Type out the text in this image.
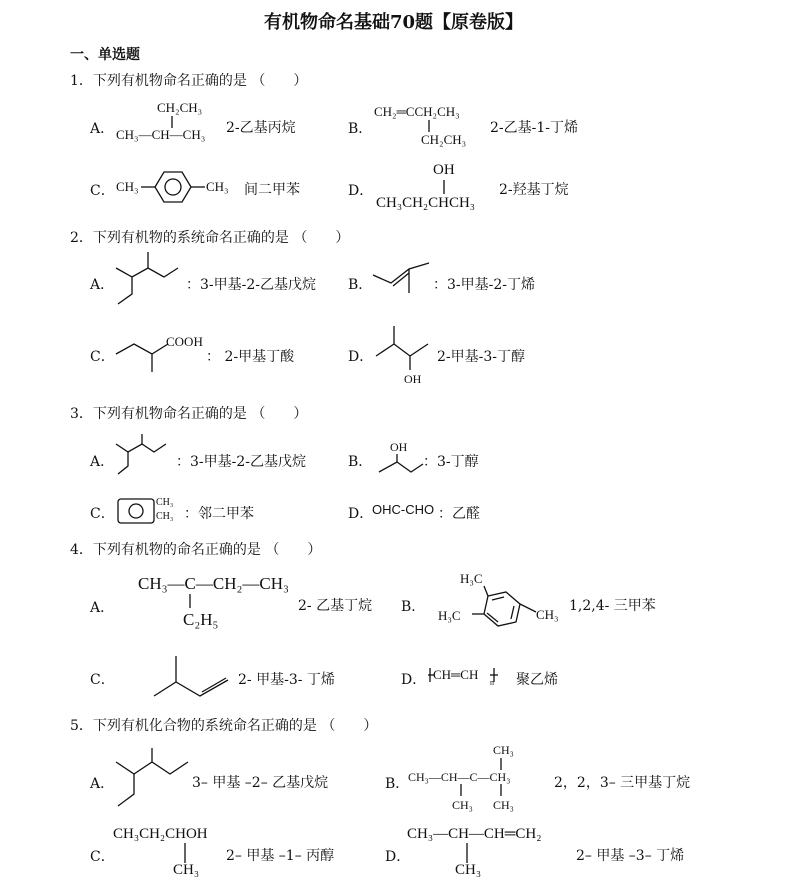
有机物命名基础70题【原卷版】
一、单选题
1．下列有机物命名正确的是 （　　）
A．
CH₂CH₃
CH₃—CH—CH₃ 2-乙基丙烷	B．
CH₂═CCH₂CH₃
CH₂CH₃
2-乙基-1-丁烯
C． CH₃	CH₃ 间二甲苯	D．
OH
CH₃CH₂CHCH₃
2-羟基丁烷
2．下列有机物的系统命名正确的是 （　　）
A．	：3-甲基-2-乙基戊烷 B．	：3-甲基-2-丁烯
C．
COOH
： 2-甲基丁酸	D．
OH
2-甲基-3-丁醇
3．下列有机物命名正确的是 （　　）
A．	：3-甲基-2-乙基戊烷	B．
OH
：3-丁醇
C．
CH₃
CH₃ ：邻二甲苯	D．
OHC-CHO ：乙醛
4．下列有机物的命名正确的是 （　　）
A．
CH₃—C—CH₂—CH₃
C₂H₅
2- 乙基丁烷 B．
H₃C
H₃C	CH₃
1,2,4- 三甲苯
C．	2- 甲基-3- 丁烯	D． CH═CH
n 聚乙烯
5．下列有机化合物的系统命名正确的是 （　　）
A．	3– 甲基 –2– 乙基戊烷	B．
CH₃
CH₃—CH—C—CH₃
CH₃ CH₃
2，2，3– 三甲基丁烷
C．
CH₃CH₂CHOH
CH₃
2– 甲基 –1– 丙醇	D．
CH₃—CH—CH═CH₂
CH₃
2– 甲基 –3– 丁烯
